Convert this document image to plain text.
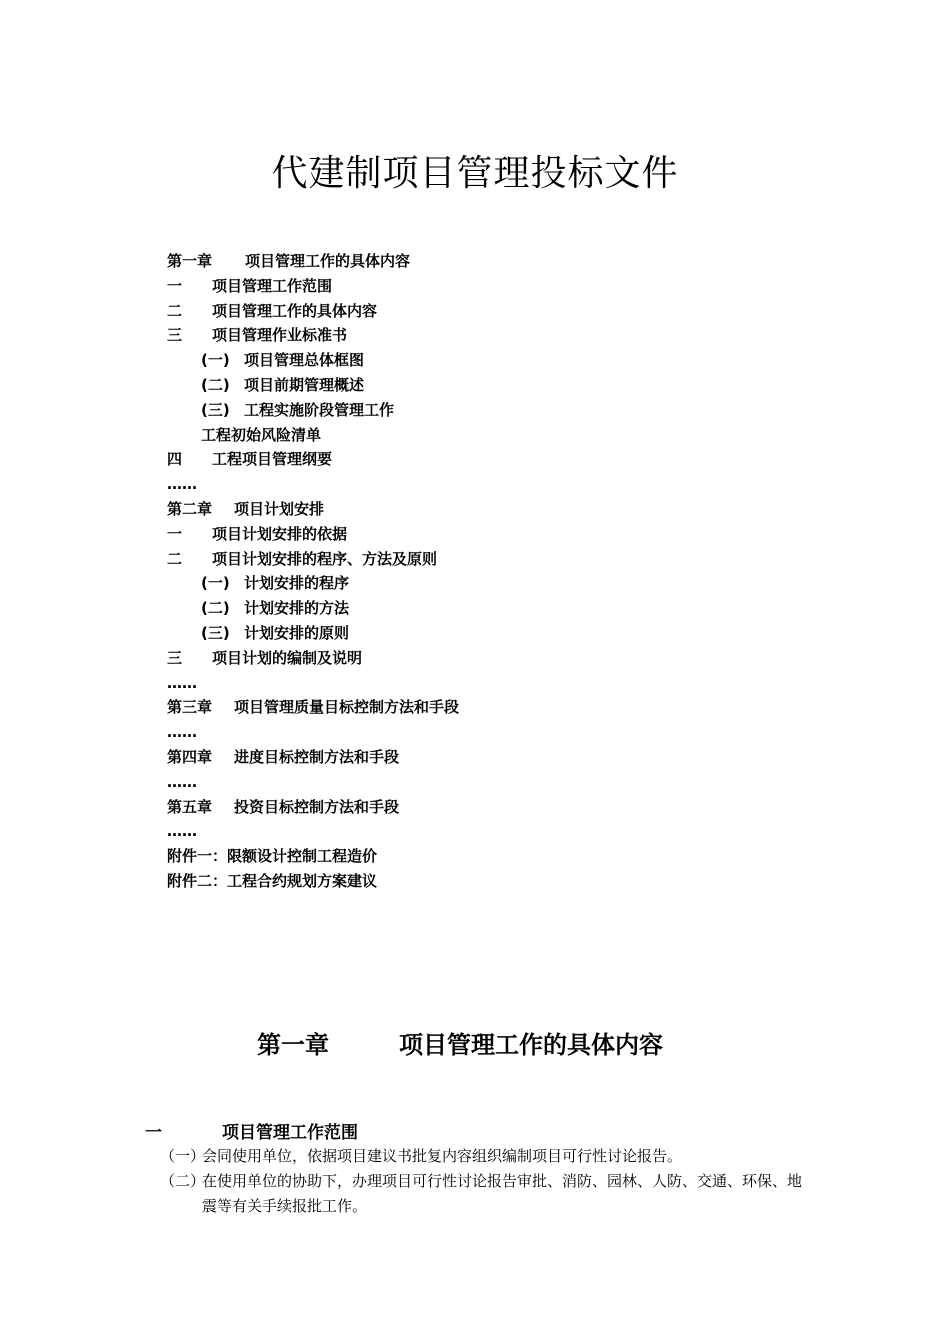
代建制项目管理投标文件
第一章 项目管理工作的具体内容
一 项目管理工作范围
二 项目管理工作的具体内容
三 项目管理作业标准书
(一) 项目管理总体框图
(二) 项目前期管理概述
(三) 工程实施阶段管理工作
工程初始风险清单
四 工程项目管理纲要
……
第二章 项目计划安排
一 项目计划安排的依据
二 项目计划安排的程序、方法及原则
(一) 计划安排的程序
(二) 计划安排的方法
(三) 计划安排的原则
三 项目计划的编制及说明
……
第三章 项目管理质量目标控制方法和手段
……
第四章 进度目标控制方法和手段
……
第五章 投资目标控制方法和手段
……
附件一：限额设计控制工程造价
附件二：工程合约规划方案建议
第一章	项目管理工作的具体内容
一	项目管理工作范围
（一）
会同使用单位，依据项目建议书批复内容组织编制项目可行性讨论报告。
（二）
在使用单位的协助下，办理项目可行性讨论报告审批、消防、园林、人防、交通、环保、地震等有关手续报批工作。
